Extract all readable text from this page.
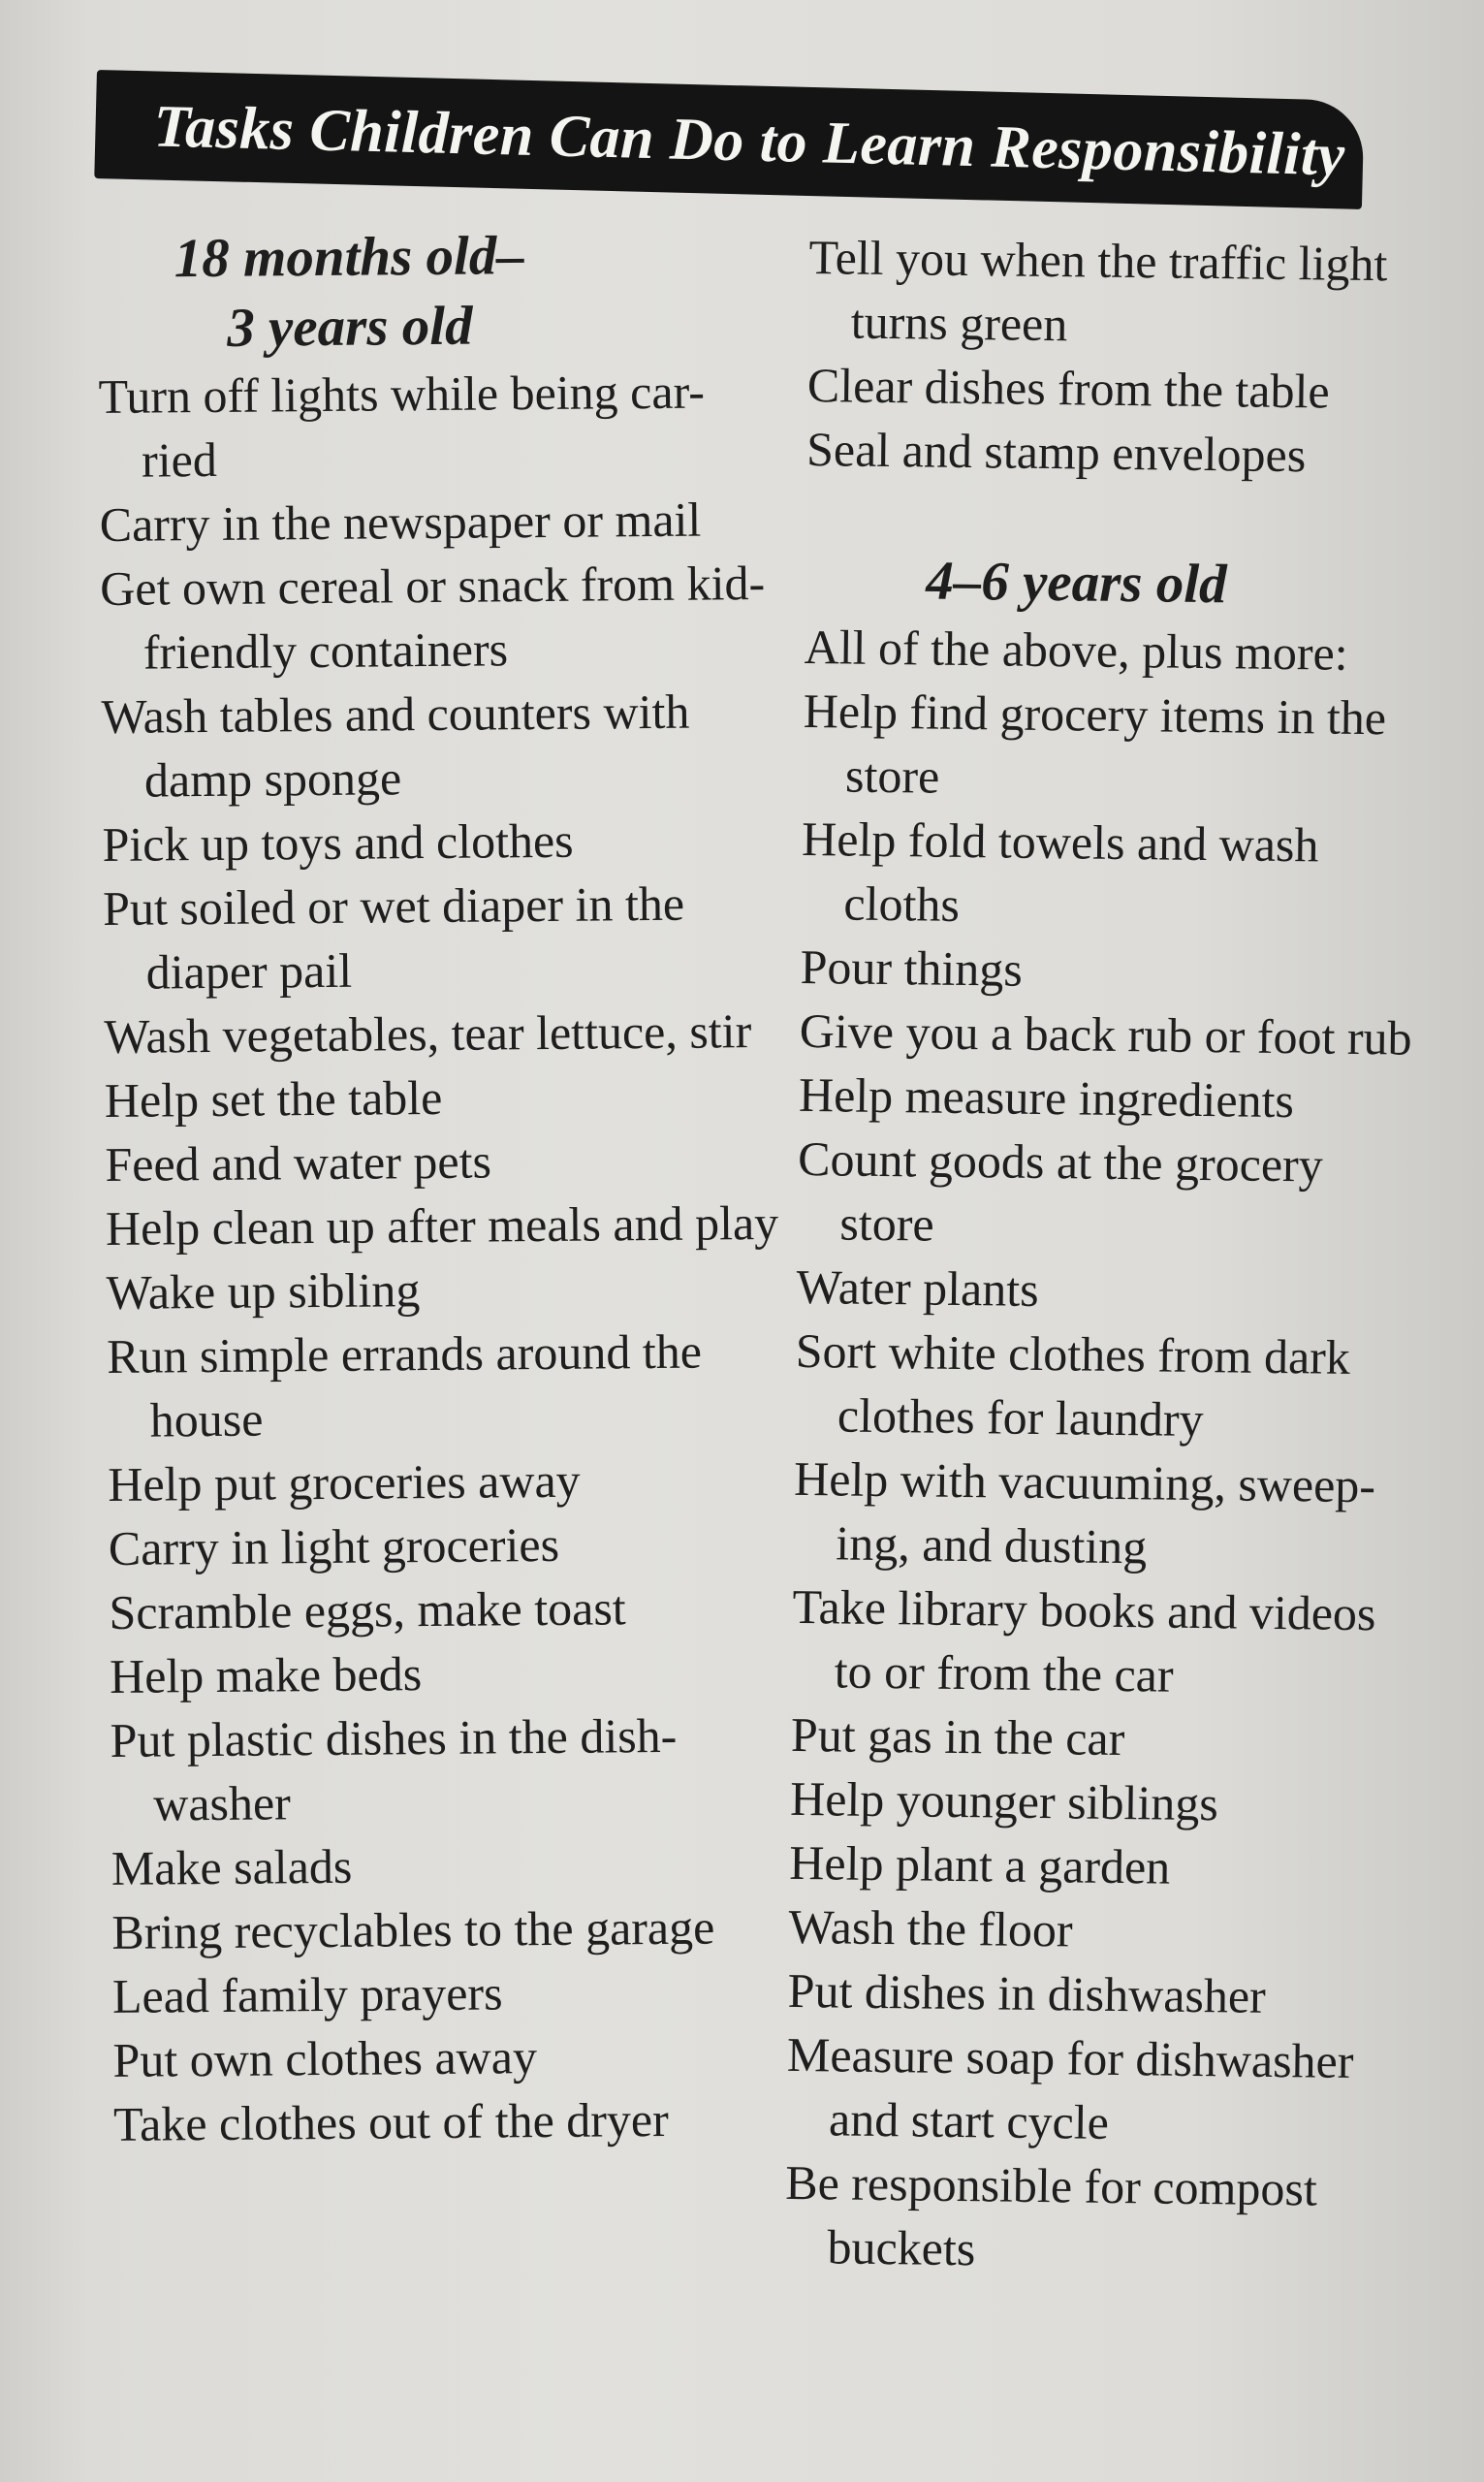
Tasks Children Can Do to Learn Responsibility
18 months old–
3 years old
Turn off lights while being car-ried
Carry in the newspaper or mail
Get own cereal or snack from kid-friendly containers
Wash tables and counters with damp sponge
Pick up toys and clothes
Put soiled or wet diaper in the diaper pail
Wash vegetables, tear lettuce, stir
Help set the table
Feed and water pets
Help clean up after meals and play
Wake up sibling
Run simple errands around the house
Help put groceries away
Carry in light groceries
Scramble eggs, make toast
Help make beds
Put plastic dishes in the dish-washer
Make salads
Bring recyclables to the garage
Lead family prayers
Put own clothes away
Take clothes out of the dryer
Tell you when the traffic light turns green
Clear dishes from the table
Seal and stamp envelopes
4–6 years old

All of the above, plus more:

Help find grocery items in the store
Help fold towels and wash cloths
Pour things
Give you a back rub or foot rub
Help measure ingredients
Count goods at the grocery store
Water plants
Sort white clothes from dark clothes for laundry
Help with vacuuming, sweep-ing, and dusting
Take library books and videos to or from the car
Put gas in the car
Help younger siblings
Help plant a garden
Wash the floor
Put dishes in dishwasher
Measure soap for dishwasher and start cycle
Be responsible for compost buckets
